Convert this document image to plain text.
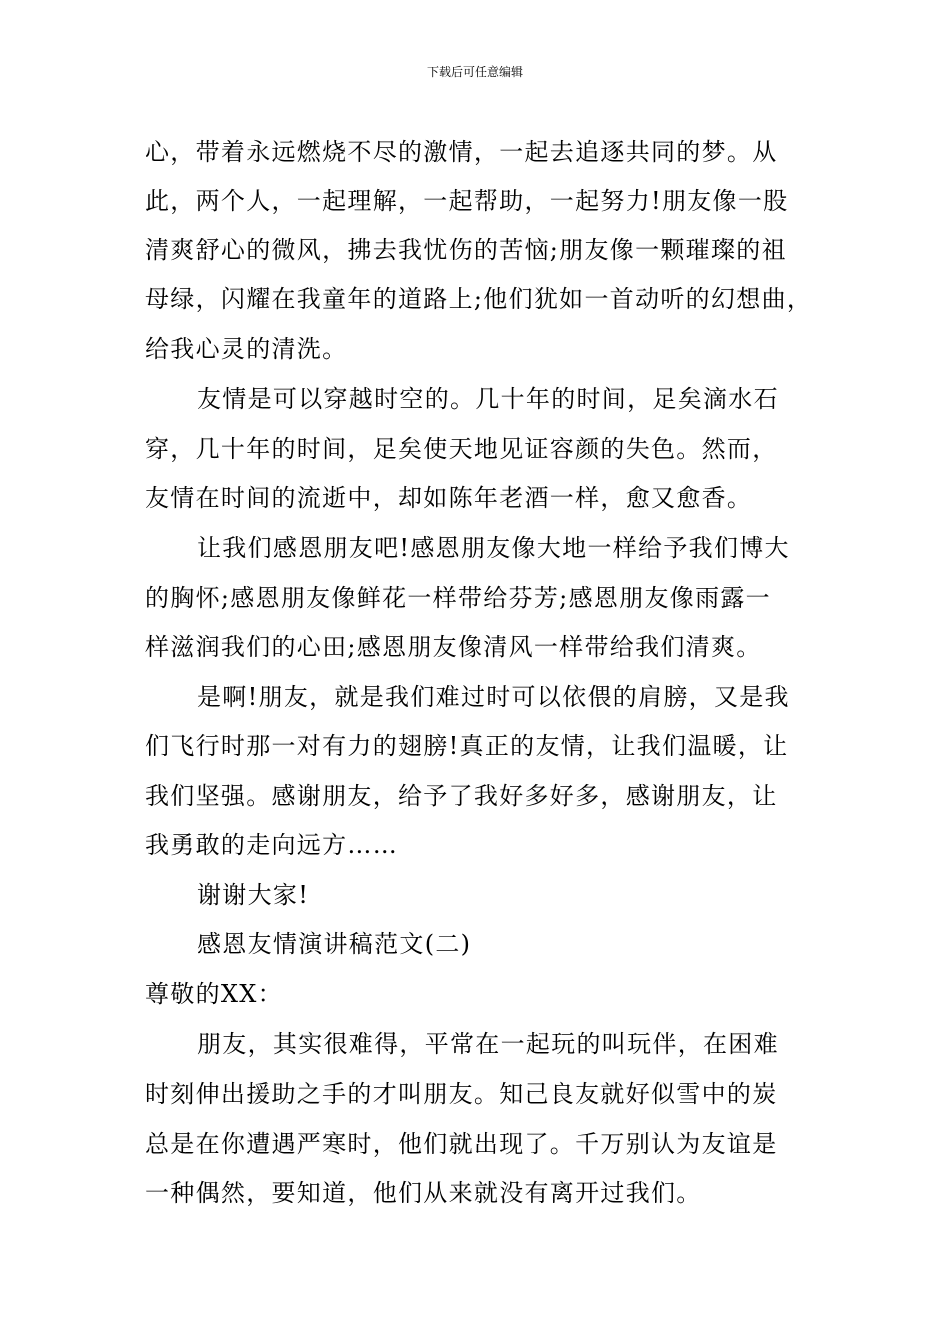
下载后可任意编辑
心，带着永远燃烧不尽的激情，一起去追逐共同的梦。从
此，两个人，一起理解，一起帮助，一起努力!朋友像一股
清爽舒心的微风，拂去我忧伤的苦恼;朋友像一颗璀璨的祖
母绿，闪耀在我童年的道路上;他们犹如一首动听的幻想曲，
给我心灵的清洗。
友情是可以穿越时空的。几十年的时间，足矣滴水石
穿，几十年的时间，足矣使天地见证容颜的失色。然而，
友情在时间的流逝中，却如陈年老酒一样，愈又愈香。
让我们感恩朋友吧!感恩朋友像大地一样给予我们博大
的胸怀;感恩朋友像鲜花一样带给芬芳;感恩朋友像雨露一
样滋润我们的心田;感恩朋友像清风一样带给我们清爽。
是啊!朋友，就是我们难过时可以依偎的肩膀，又是我
们飞行时那一对有力的翅膀!真正的友情，让我们温暖，让
我们坚强。感谢朋友，给予了我好多好多，感谢朋友，让
我勇敢的走向远方……
谢谢大家!
感恩友情演讲稿范文(二)
尊敬的XX：
朋友，其实很难得，平常在一起玩的叫玩伴，在困难
时刻伸出援助之手的才叫朋友。知己良友就好似雪中的炭
总是在你遭遇严寒时，他们就出现了。千万别认为友谊是
一种偶然，要知道，他们从来就没有离开过我们。
